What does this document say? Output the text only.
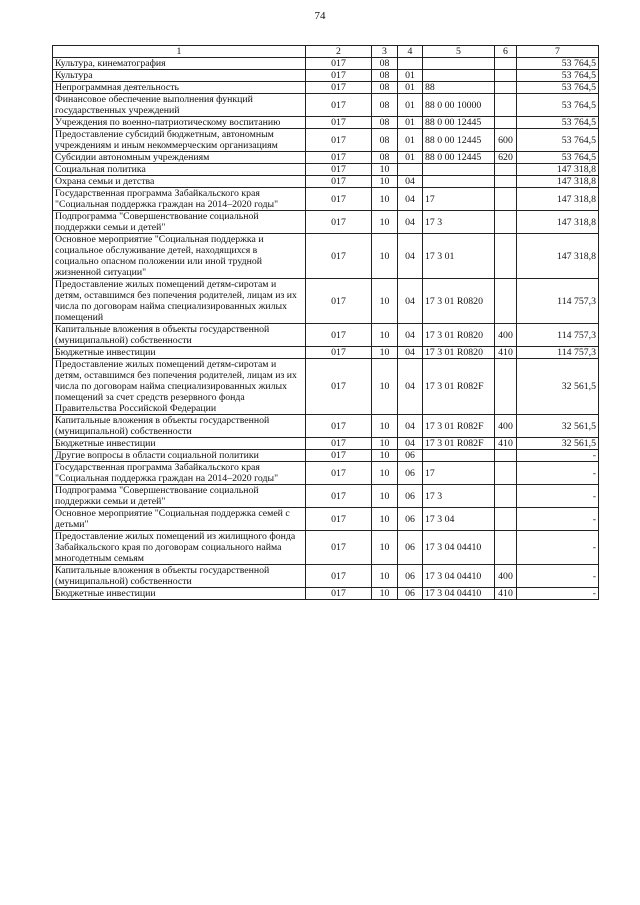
74
1	2	3	4	5	6	7
Культура, кинематография	017	08				53 764,5
Культура	017	08	01			53 764,5
Непрограммная деятельность	017	08	01	88		53 764,5
Финансовое обеспечение выполнения функций государственных учреждений	017	08	01	88 0 00 10000		53 764,5
Учреждения по военно-патриотическому воспитанию	017	08	01	88 0 00 12445		53 764,5
Предоставление субсидий бюджетным, автономным учреждениям и иным некоммерческим организациям	017	08	01	88 0 00 12445	600	53 764,5
Субсидии автономным учреждениям	017	08	01	88 0 00 12445	620	53 764,5
Социальная политика	017	10				147 318,8
Охрана семьи и детства	017	10	04			147 318,8
Государственная программа Забайкальского края "Социальная поддержка граждан на 2014–2020 годы"	017	10	04	17		147 318,8
Подпрограмма "Совершенствование социальной поддержки семьи и детей"	017	10	04	17 3		147 318,8
Основное мероприятие "Социальная поддержка и социальное обслуживание детей, находящихся в социально опасном положении или иной трудной жизненной ситуации"	017	10	04	17 3 01		147 318,8
Предоставление жилых помещений детям-сиротам и детям, оставшимся без попечения родителей, лицам из их числа по договорам найма специализированных жилых помещений	017	10	04	17 3 01 R0820		114 757,3
Капитальные вложения в объекты государственной (муниципальной) собственности	017	10	04	17 3 01 R0820	400	114 757,3
Бюджетные инвестиции	017	10	04	17 3 01 R0820	410	114 757,3
Предоставление жилых помещений детям-сиротам и детям, оставшимся без попечения родителей, лицам из их числа по договорам найма специализированных жилых помещений за счет средств резервного фонда Правительства Российской Федерации	017	10	04	17 3 01 R082F		32 561,5
Капитальные вложения в объекты государственной (муниципальной) собственности	017	10	04	17 3 01 R082F	400	32 561,5
Бюджетные инвестиции	017	10	04	17 3 01 R082F	410	32 561,5
Другие вопросы в области социальной политики	017	10	06			-
Государственная программа Забайкальского края "Социальная поддержка граждан на 2014–2020 годы"	017	10	06	17		-
Подпрограмма "Совершенствование социальной поддержки семьи и детей"	017	10	06	17 3		-
Основное мероприятие "Социальная поддержка семей с детьми"	017	10	06	17 3 04		-
Предоставление жилых помещений из жилищного фонда Забайкальского края по договорам социального найма многодетным семьям	017	10	06	17 3 04 04410		-
Капитальные вложения в объекты государственной (муниципальной) собственности	017	10	06	17 3 04 04410	400	-
Бюджетные инвестиции	017	10	06	17 3 04 04410	410	-
